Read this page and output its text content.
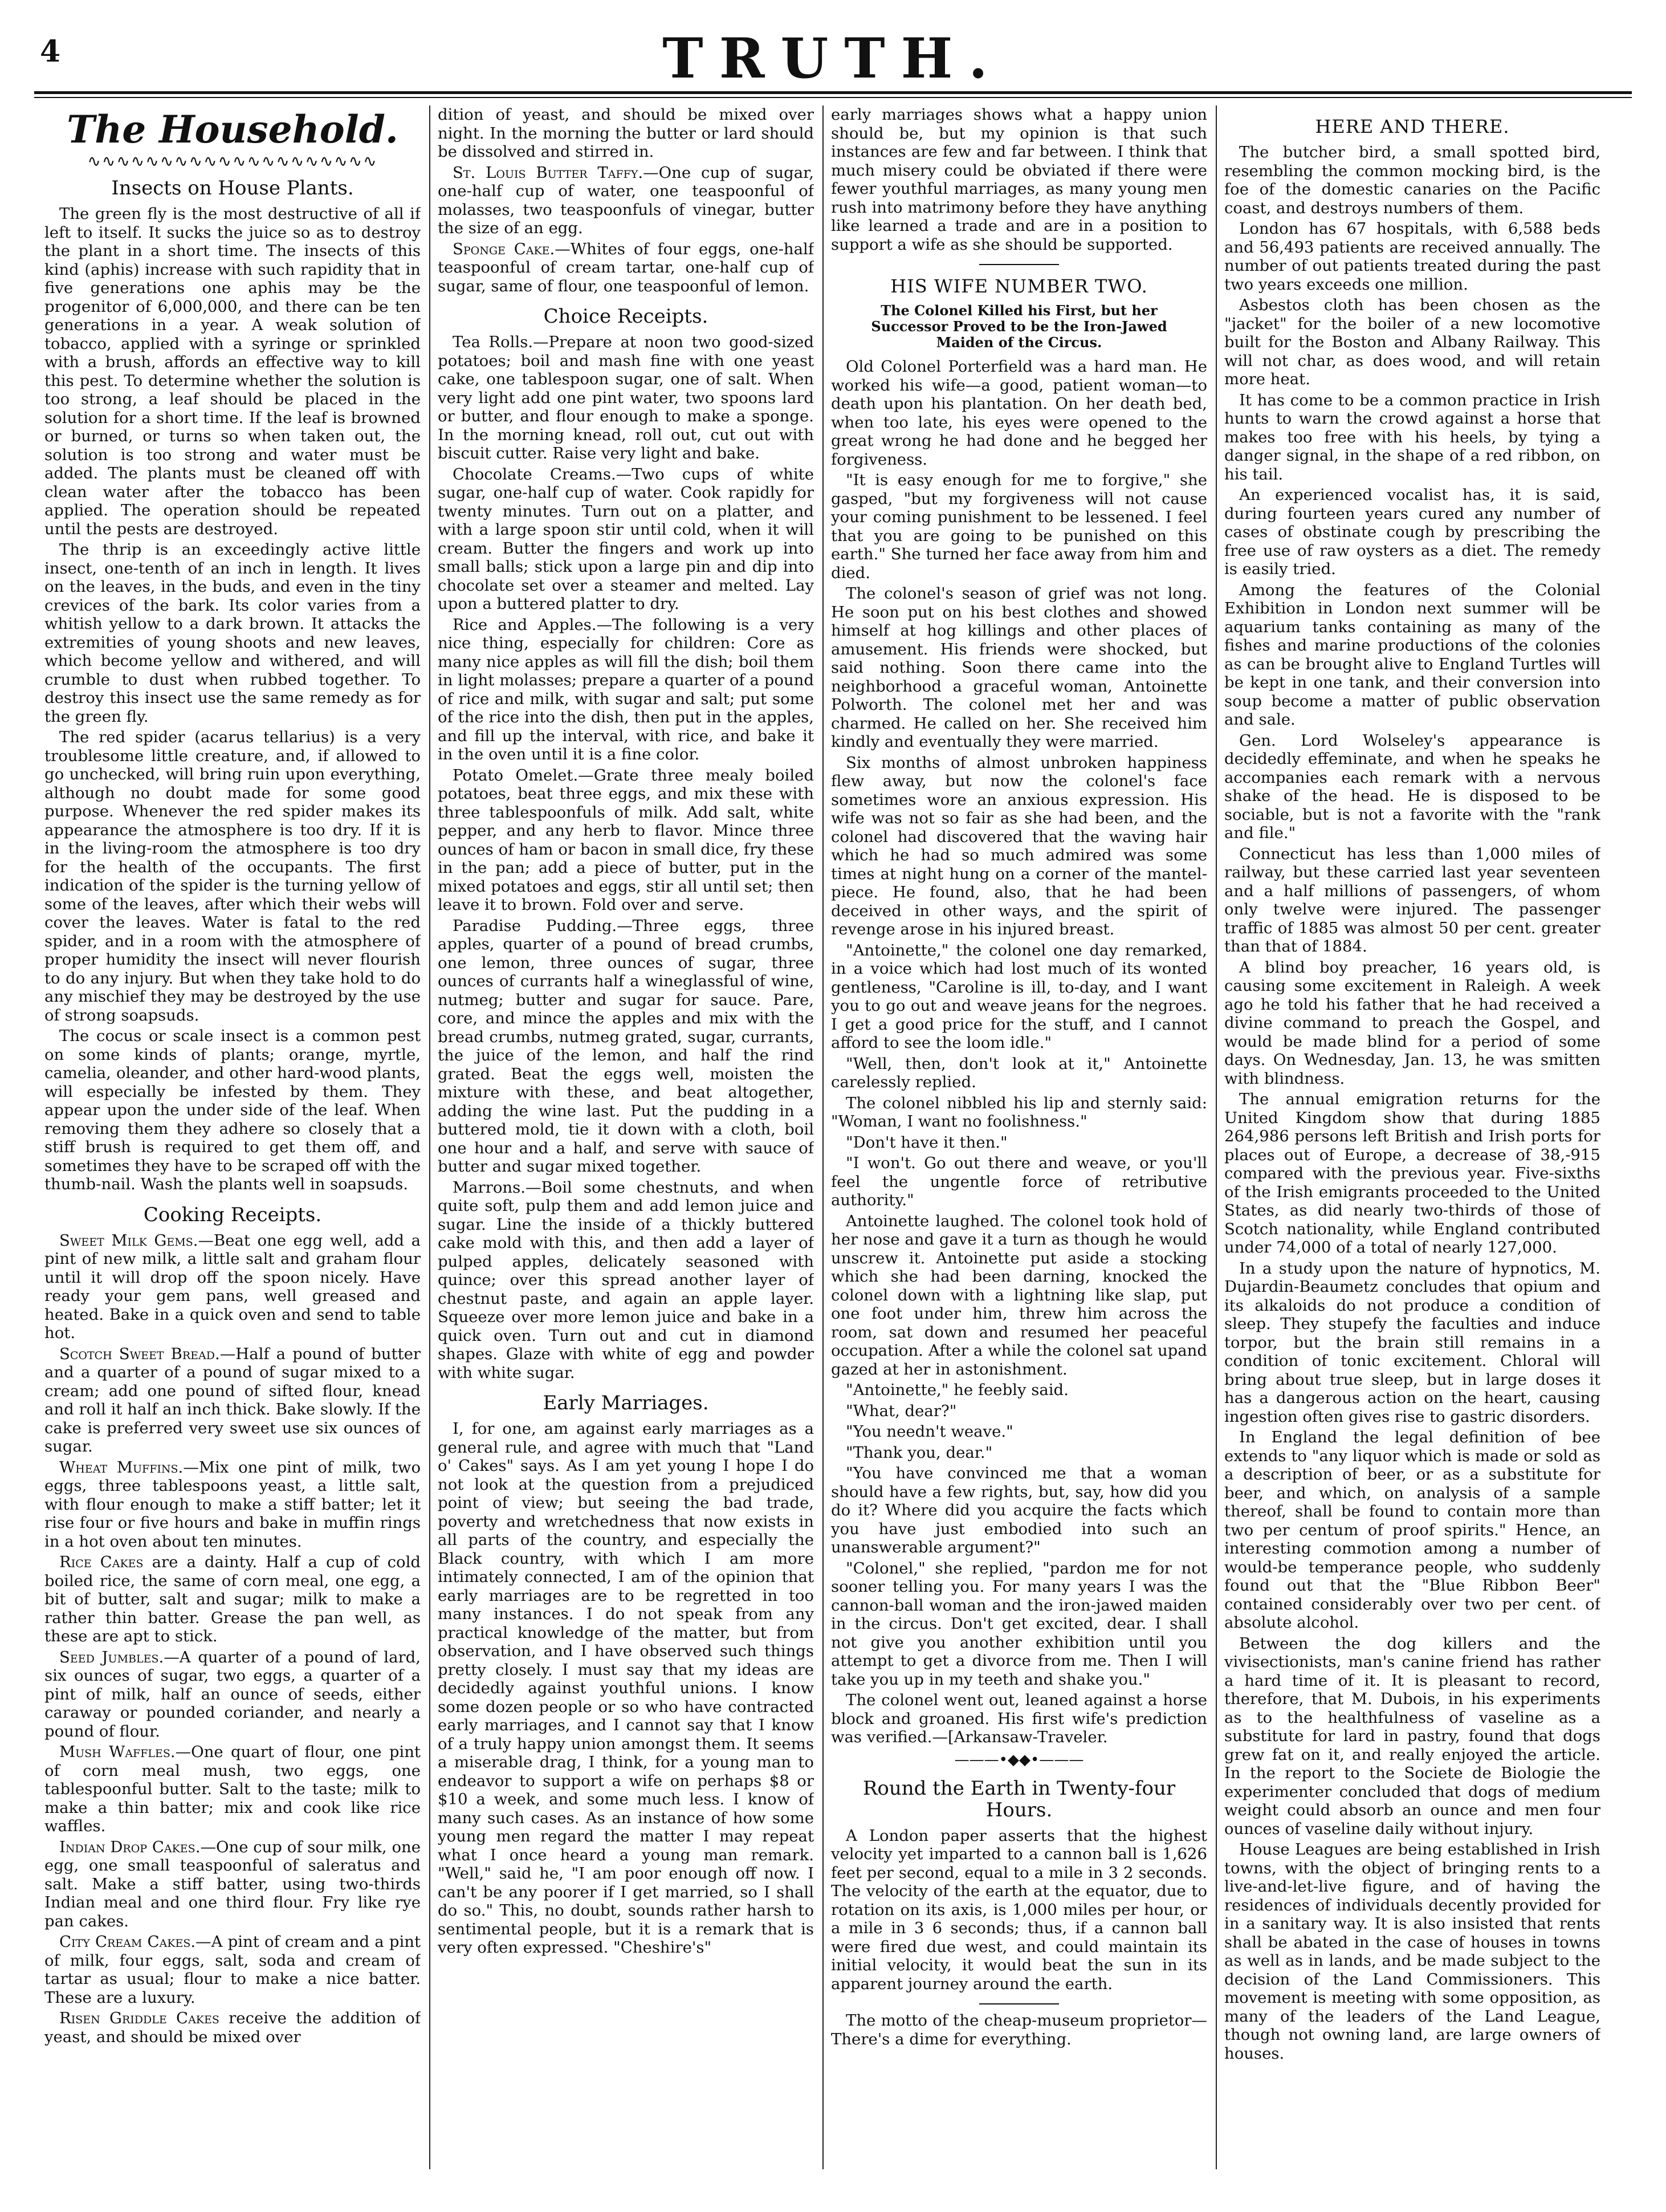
4	TRUTH.
The Household.
∿∿∿∿∿∿∿∿∿∿∿∿∿∿∿∿∿∿∿∿
Insects on House Plants.

The green fly is the most destructive of all if left to itself. It sucks the juice so as to destroy the plant in a short time. The insects of this kind (aphis) increase with such rapidity that in five generations one aphis may be the progenitor of 6,000,000, and there can be ten generations in a year. A weak solution of tobacco, applied with a syringe or sprinkled with a brush, affords an effective way to kill this pest. To determine whether the solution is too strong, a leaf should be placed in the solution for a short time. If the leaf is browned or burned, or turns so when taken out, the solution is too strong and water must be added. The plants must be cleaned off with clean water after the tobacco has been applied. The operation should be repeated until the pests are destroyed.

The thrip is an exceedingly active little insect, one-tenth of an inch in length. It lives on the leaves, in the buds, and even in the tiny crevices of the bark. Its color varies from a whitish yellow to a dark brown. It attacks the extremities of young shoots and new leaves, which become yellow and withered, and will crumble to dust when rubbed together. To destroy this insect use the same remedy as for the green fly.

The red spider (acarus tellarius) is a very troublesome little creature, and, if allowed to go unchecked, will bring ruin upon everything, although no doubt made for some good purpose. Whenever the red spider makes its appearance the atmosphere is too dry. If it is in the living-room the atmosphere is too dry for the health of the occupants. The first indication of the spider is the turning yellow of some of the leaves, after which their webs will cover the leaves. Water is fatal to the red spider, and in a room with the atmosphere of proper humidity the insect will never flourish to do any injury. But when they take hold to do any mischief they may be destroyed by the use of strong soapsuds.

The cocus or scale insect is a common pest on some kinds of plants; orange, myrtle, camelia, oleander, and other hard-wood plants, will especially be infested by them. They appear upon the under side of the leaf. When removing them they adhere so closely that a stiff brush is required to get them off, and sometimes they have to be scraped off with the thumb-nail. Wash the plants well in soapsuds.

Cooking Receipts.

Sweet Milk Gems.—Beat one egg well, add a pint of new milk, a little salt and graham flour until it will drop off the spoon nicely. Have ready your gem pans, well greased and heated. Bake in a quick oven and send to table hot.

Scotch Sweet Bread.—Half a pound of butter and a quarter of a pound of sugar mixed to a cream; add one pound of sifted flour, knead and roll it half an inch thick. Bake slowly. If the cake is preferred very sweet use six ounces of sugar.

Wheat Muffins.—Mix one pint of milk, two eggs, three tablespoons yeast, a little salt, with flour enough to make a stiff batter; let it rise four or five hours and bake in muffin rings in a hot oven about ten minutes.

Rice Cakes are a dainty. Half a cup of cold boiled rice, the same of corn meal, one egg, a bit of butter, salt and sugar; milk to make a rather thin batter. Grease the pan well, as these are apt to stick.

Seed Jumbles.—A quarter of a pound of lard, six ounces of sugar, two eggs, a quarter of a pint of milk, half an ounce of seeds, either caraway or pounded coriander, and nearly a pound of flour.

Mush Waffles.—One quart of flour, one pint of corn meal mush, two eggs, one tablespoonful butter. Salt to the taste; milk to make a thin batter; mix and cook like rice waffles.

Indian Drop Cakes.—One cup of sour milk, one egg, one small teaspoonful of saleratus and salt. Make a stiff batter, using two-thirds Indian meal and one third flour. Fry like rye pan cakes.

City Cream Cakes.—A pint of cream and a pint of milk, four eggs, salt, soda and cream of tartar as usual; flour to make a nice batter. These are a luxury.

Risen Griddle Cakes receive the addition of yeast, and should be mixed over

dition of yeast, and should be mixed over night. In the morning the butter or lard should be dissolved and stirred in.

St. Louis Butter Taffy.—One cup of sugar, one-half cup of water, one teaspoonful of molasses, two teaspoonfuls of vinegar, butter the size of an egg.

Sponge Cake.—Whites of four eggs, one-half teaspoonful of cream tartar, one-half cup of sugar, same of flour, one teaspoonful of lemon.

Choice Receipts.

Tea Rolls.—Prepare at noon two good-sized potatoes; boil and mash fine with one yeast cake, one tablespoon sugar, one of salt. When very light add one pint water, two spoons lard or butter, and flour enough to make a sponge. In the morning knead, roll out, cut out with biscuit cutter. Raise very light and bake.

Chocolate Creams.—Two cups of white sugar, one-half cup of water. Cook rapidly for twenty minutes. Turn out on a platter, and with a large spoon stir until cold, when it will cream. Butter the fingers and work up into small balls; stick upon a large pin and dip into chocolate set over a steamer and melted. Lay upon a buttered platter to dry.

Rice and Apples.—The following is a very nice thing, especially for children: Core as many nice apples as will fill the dish; boil them in light molasses; prepare a quarter of a pound of rice and milk, with sugar and salt; put some of the rice into the dish, then put in the apples, and fill up the interval, with rice, and bake it in the oven until it is a fine color.

Potato Omelet.—Grate three mealy boiled potatoes, beat three eggs, and mix these with three tablespoonfuls of milk. Add salt, white pepper, and any herb to flavor. Mince three ounces of ham or bacon in small dice, fry these in the pan; add a piece of butter, put in the mixed potatoes and eggs, stir all until set; then leave it to brown. Fold over and serve.

Paradise Pudding.—Three eggs, three apples, quarter of a pound of bread crumbs, one lemon, three ounces of sugar, three ounces of currants half a wineglassful of wine, nutmeg; butter and sugar for sauce. Pare, core, and mince the apples and mix with the bread crumbs, nutmeg grated, sugar, currants, the juice of the lemon, and half the rind grated. Beat the eggs well, moisten the mixture with these, and beat altogether, adding the wine last. Put the pudding in a buttered mold, tie it down with a cloth, boil one hour and a half, and serve with sauce of butter and sugar mixed together.

Marrons.—Boil some chestnuts, and when quite soft, pulp them and add lemon juice and sugar. Line the inside of a thickly buttered cake mold with this, and then add a layer of pulped apples, delicately seasoned with quince; over this spread another layer of chestnut paste, and again an apple layer. Squeeze over more lemon juice and bake in a quick oven. Turn out and cut in diamond shapes. Glaze with white of egg and powder with white sugar.

Early Marriages.

I, for one, am against early marriages as a general rule, and agree with much that "Land o' Cakes" says. As I am yet young I hope I do not look at the question from a prejudiced point of view; but seeing the bad trade, poverty and wretchedness that now exists in all parts of the country, and especially the Black country, with which I am more intimately connected, I am of the opinion that early marriages are to be regretted in too many instances. I do not speak from any practical knowledge of the matter, but from observation, and I have observed such things pretty closely. I must say that my ideas are decidedly against youthful unions. I know some dozen people or so who have contracted early marriages, and I cannot say that I know of a truly happy union amongst them. It seems a miserable drag, I think, for a young man to endeavor to support a wife on perhaps $8 or $10 a week, and some much less. I know of many such cases. As an instance of how some young men regard the matter I may repeat what I once heard a young man remark. "Well," said he, "I am poor enough off now. I can't be any poorer if I get married, so I shall do so." This, no doubt, sounds rather harsh to sentimental people, but it is a remark that is very often expressed. "Cheshire's"

early marriages shows what a happy union should be, but my opinion is that such instances are few and far between. I think that much misery could be obviated if there were fewer youthful marriages, as many young men rush into matrimony before they have anything like learned a trade and are in a position to support a wife as she should be supported.

HIS WIFE NUMBER TWO.
The Colonel Killed his First, but her Successor Proved to be the Iron-Jawed Maiden of the Circus.

Old Colonel Porterfield was a hard man. He worked his wife—a good, patient woman—to death upon his plantation. On her death bed, when too late, his eyes were opened to the great wrong he had done and he begged her forgiveness.

"It is easy enough for me to forgive," she gasped, "but my forgiveness will not cause your coming punishment to be lessened. I feel that you are going to be punished on this earth." She turned her face away from him and died.

The colonel's season of grief was not long. He soon put on his best clothes and showed himself at hog killings and other places of amusement. His friends were shocked, but said nothing. Soon there came into the neighborhood a graceful woman, Antoinette Polworth. The colonel met her and was charmed. He called on her. She received him kindly and eventually they were married.

Six months of almost unbroken happiness flew away, but now the colonel's face sometimes wore an anxious expression. His wife was not so fair as she had been, and the colonel had discovered that the waving hair which he had so much admired was some times at night hung on a corner of the mantel-piece. He found, also, that he had been deceived in other ways, and the spirit of revenge arose in his injured breast.

"Antoinette," the colonel one day remarked, in a voice which had lost much of its wonted gentleness, "Caroline is ill, to-day, and I want you to go out and weave jeans for the negroes. I get a good price for the stuff, and I cannot afford to see the loom idle."

"Well, then, don't look at it," Antoinette carelessly replied.

The colonel nibbled his lip and sternly said: "Woman, I want no foolishness."

"Don't have it then."

"I won't. Go out there and weave, or you'll feel the ungentle force of retributive authority."

Antoinette laughed. The colonel took hold of her nose and gave it a turn as though he would unscrew it. Antoinette put aside a stocking which she had been darning, knocked the colonel down with a lightning like slap, put one foot under him, threw him across the room, sat down and resumed her peaceful occupation. After a while the colonel sat upand gazed at her in astonishment.

"Antoinette," he feebly said.

"What, dear?"

"You needn't weave."

"Thank you, dear."

"You have convinced me that a woman should have a few rights, but, say, how did you do it? Where did you acquire the facts which you have just embodied into such an unanswerable argument?"

"Colonel," she replied, "pardon me for not sooner telling you. For many years I was the cannon-ball woman and the iron-jawed maiden in the circus. Don't get excited, dear. I shall not give you another exhibition until you attempt to get a divorce from me. Then I will take you up in my teeth and shake you."

The colonel went out, leaned against a horse block and groaned. His first wife's prediction was verified.—[Arkansaw-Traveler.

———•◆◆•———
Round the Earth in Twenty-four Hours.

A London paper asserts that the highest velocity yet imparted to a cannon ball is 1,626 feet per second, equal to a mile in 3 2 seconds. The velocity of the earth at the equator, due to rotation on its axis, is 1,000 miles per hour, or a mile in 3 6 seconds; thus, if a cannon ball were fired due west, and could maintain its initial velocity, it would beat the sun in its apparent journey around the earth.

The motto of the cheap-museum proprietor—There's a dime for everything.

HERE AND THERE.

The butcher bird, a small spotted bird, resembling the common mocking bird, is the foe of the domestic canaries on the Pacific coast, and destroys numbers of them.

London has 67 hospitals, with 6,588 beds and 56,493 patients are received annually. The number of out patients treated during the past two years exceeds one million.

Asbestos cloth has been chosen as the "jacket" for the boiler of a new locomotive built for the Boston and Albany Railway. This will not char, as does wood, and will retain more heat.

It has come to be a common practice in Irish hunts to warn the crowd against a horse that makes too free with his heels, by tying a danger signal, in the shape of a red ribbon, on his tail.

An experienced vocalist has, it is said, during fourteen years cured any number of cases of obstinate cough by prescribing the free use of raw oysters as a diet. The remedy is easily tried.

Among the features of the Colonial Exhibition in London next summer will be aquarium tanks containing as many of the fishes and marine productions of the colonies as can be brought alive to England Turtles will be kept in one tank, and their conversion into soup become a matter of public observation and sale.

Gen. Lord Wolseley's appearance is decidedly effeminate, and when he speaks he accompanies each remark with a nervous shake of the head. He is disposed to be sociable, but is not a favorite with the "rank and file."

Connecticut has less than 1,000 miles of railway, but these carried last year seventeen and a half millions of passengers, of whom only twelve were injured. The passenger traffic of 1885 was almost 50 per cent. greater than that of 1884.

A blind boy preacher, 16 years old, is causing some excitement in Raleigh. A week ago he told his father that he had received a divine command to preach the Gospel, and would be made blind for a period of some days. On Wednesday, Jan. 13, he was smitten with blindness.

The annual emigration returns for the United Kingdom show that during 1885 264,986 persons left British and Irish ports for places out of Europe, a decrease of 38,-915 compared with the previous year. Five-sixths of the Irish emigrants proceeded to the United States, as did nearly two-thirds of those of Scotch nationality, while England contributed under 74,000 of a total of nearly 127,000.

In a study upon the nature of hypnotics, M. Dujardin-Beaumetz concludes that opium and its alkaloids do not produce a condition of sleep. They stupefy the faculties and induce torpor, but the brain still remains in a condition of tonic excitement. Chloral will bring about true sleep, but in large doses it has a dangerous action on the heart, causing ingestion often gives rise to gastric disorders.

In England the legal definition of bee extends to "any liquor which is made or sold as a description of beer, or as a substitute for beer, and which, on analysis of a sample thereof, shall be found to contain more than two per centum of proof spirits." Hence, an interesting commotion among a number of would-be temperance people, who suddenly found out that the "Blue Ribbon Beer" contained considerably over two per cent. of absolute alcohol.

Between the dog killers and the vivisectionists, man's canine friend has rather a hard time of it. It is pleasant to record, therefore, that M. Dubois, in his experiments as to the healthfulness of vaseline as a substitute for lard in pastry, found that dogs grew fat on it, and really enjoyed the article. In the report to the Societe de Biologie the experimenter concluded that dogs of medium weight could absorb an ounce and men four ounces of vaseline daily without injury.

House Leagues are being established in Irish towns, with the object of bringing rents to a live-and-let-live figure, and of having the residences of individuals decently provided for in a sanitary way. It is also insisted that rents shall be abated in the case of houses in towns as well as in lands, and be made subject to the decision of the Land Commissioners. This movement is meeting with some opposition, as many of the leaders of the Land League, though not owning land, are large owners of houses.
